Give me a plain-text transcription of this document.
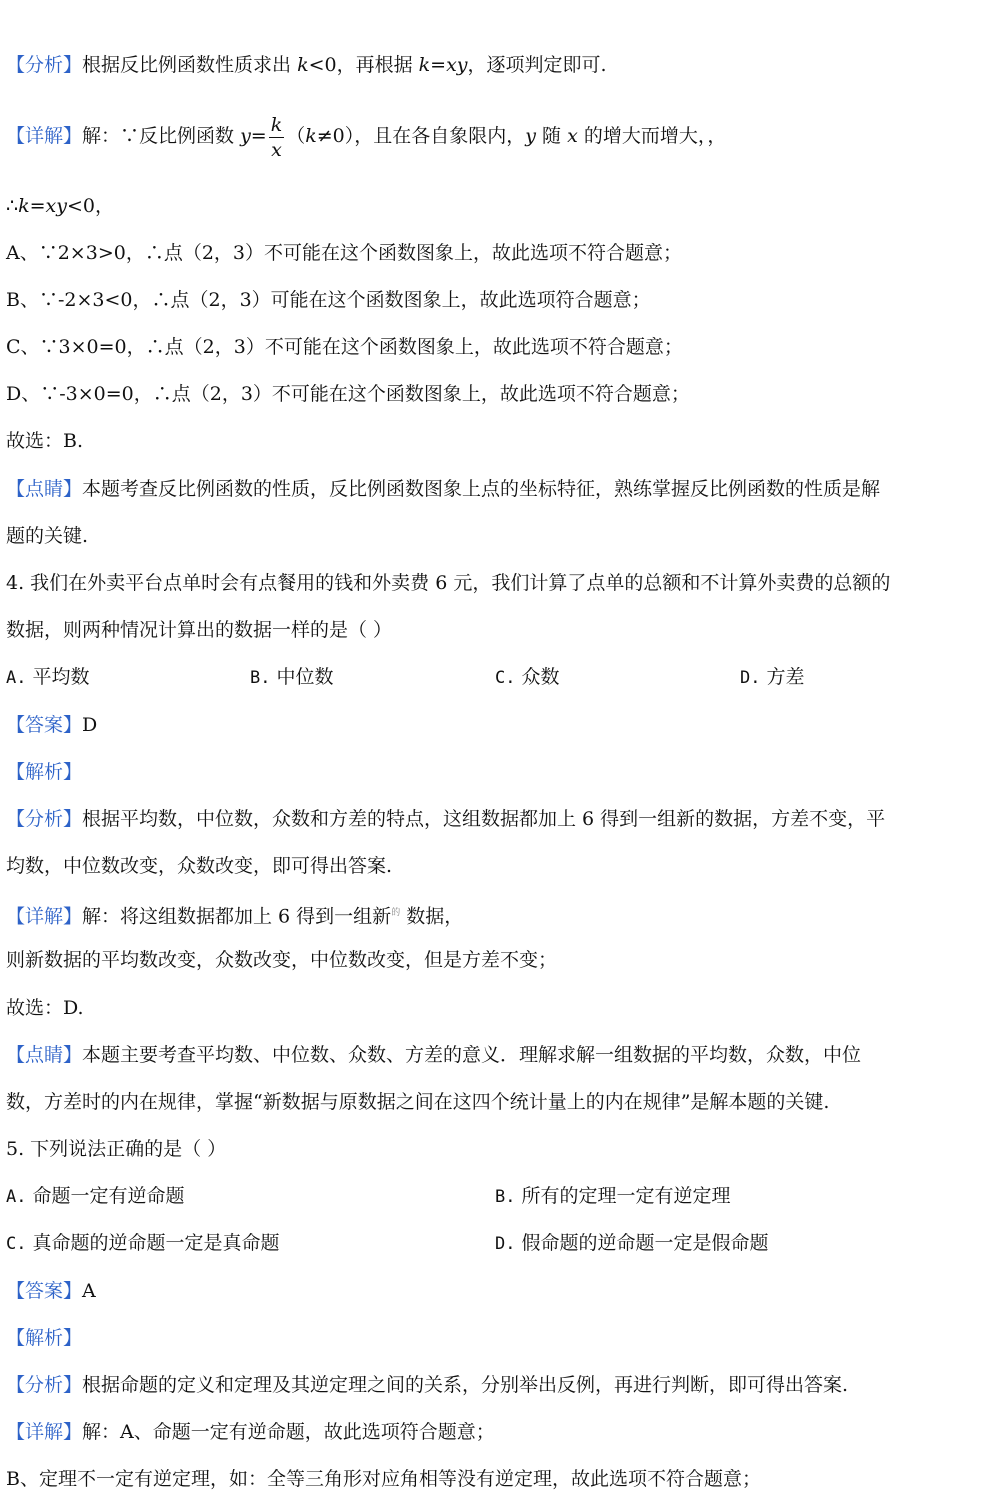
【分析】根据反比例函数性质求出 k<0，再根据 k=xy，逐项判定即可.
【详解】解：∵反比例函数 $y= \frac{k}{x} (k\ne 0)$，且在各自象限内，y 随 x 的增大而增大，，
∴k=xy<0，
A、∵2×3>0，∴点（2，3）不可能在这个函数图象上，故此选项不符合题意；
B、∵-2×3<0，∴点（2，3）可能在这个函数图象上，故此选项符合题意；
C、∵3×0=0，∴点（2，3）不可能在这个函数图象上，故此选项不符合题意；
D、∵-3×0=0，∴点（2，3）不可能在这个函数图象上，故此选项不符合题意；
故选：B.
【点睛】本题考查反比例函数的性质，反比例函数图象上点的坐标特征，熟练掌握反比例函数的性质是解
题的关键.
4. 我们在外卖平台点单时会有点餐用的钱和外卖费 6 元，我们计算了点单的总额和不计算外卖费的总额的
数据，则两种情况计算出的数据一样的是（ ）
A. 平均数	B. 中位数	C. 众数	D. 方差
【答案】D
【解析】
【分析】根据平均数，中位数，众数和方差的特点，这组数据都加上 6 得到一组新的数据，方差不变，平
均数，中位数改变，众数改变，即可得出答案.
【详解】解：将这组数据都加上 6 得到一组新$^的$ 数据，
则新数据的平均数改变，众数改变，中位数改变，但是方差不变；
故选：D.
【点睛】本题主要考查平均数、中位数、众数、方差的意义．理解求解一组数据的平均数，众数，中位
数，方差时的内在规律，掌握“新数据与原数据之间在这四个统计量上的内在规律”是解本题的关键.
5. 下列说法正确的是（ ）
A. 命题一定有逆命题	B. 所有的定理一定有逆定理
C. 真命题的逆命题一定是真命题	D. 假命题的逆命题一定是假命题
【答案】A
【解析】
【分析】根据命题的定义和定理及其逆定理之间的关系，分别举出反例，再进行判断，即可得出答案.
【详解】解：A、命题一定有逆命题，故此选项符合题意；
B、定理不一定有逆定理，如：全等三角形对应角相等没有逆定理，故此选项不符合题意；
